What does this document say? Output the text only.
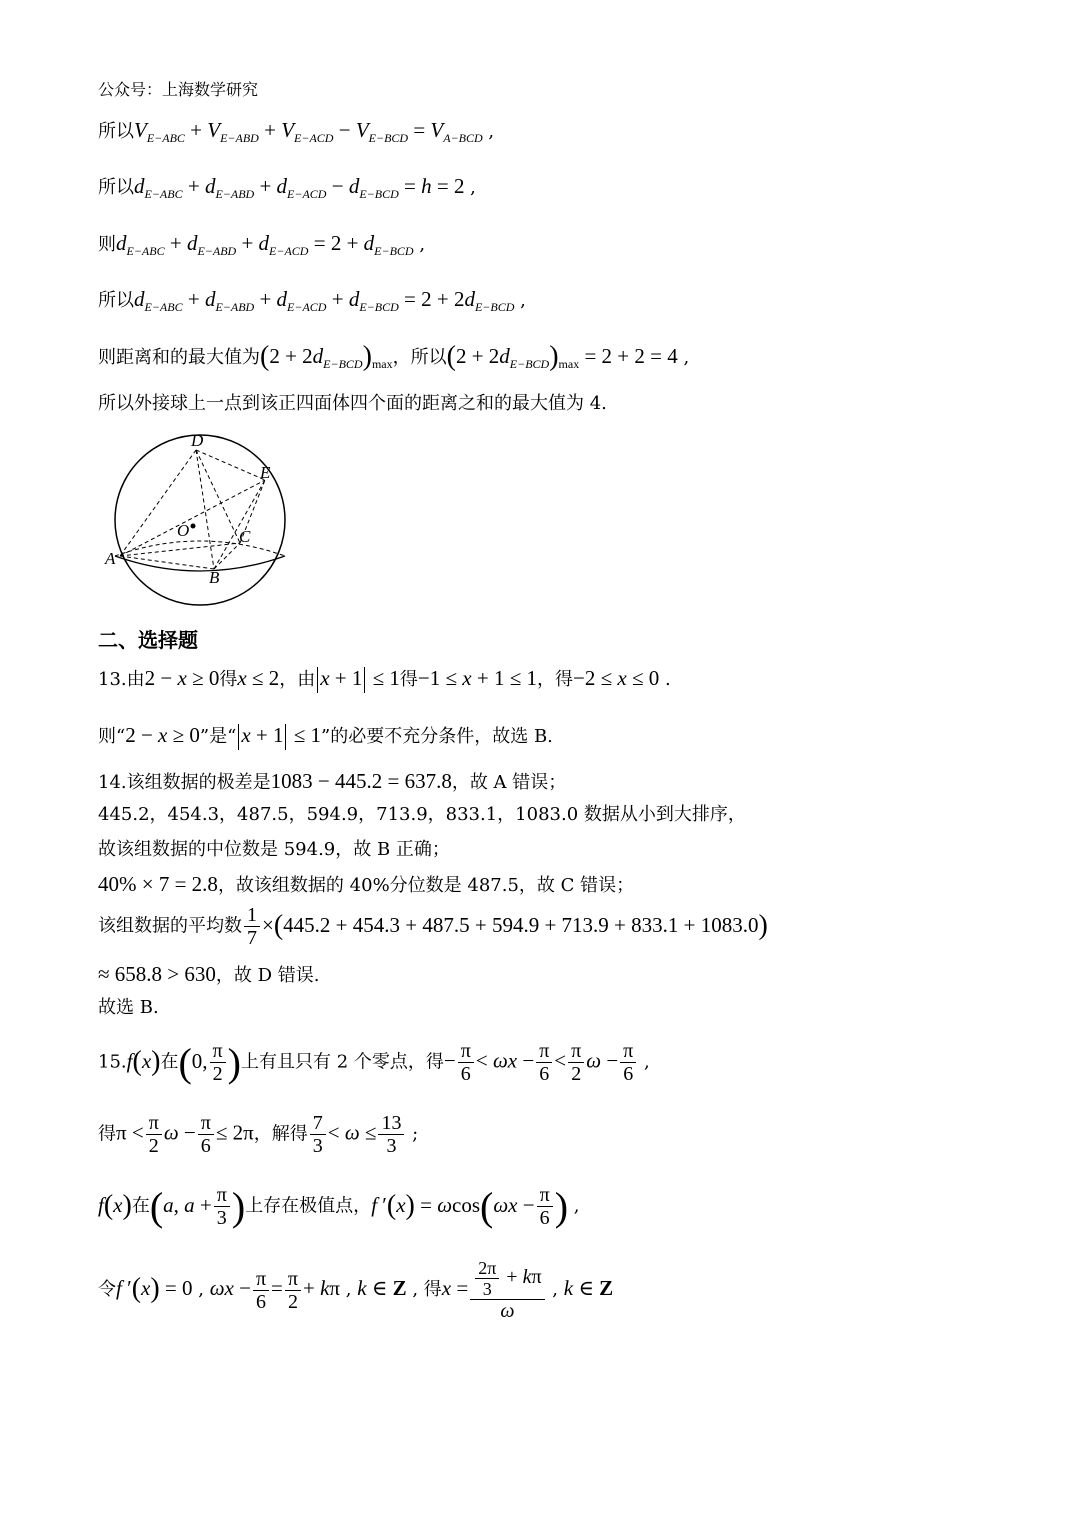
公众号：上海数学研究
所以$V_{E-ABC} + V_{E-ABD} + V_{E-ACD} - V_{E-BCD} = V_{A-BCD}$ ,
所以$d_{E-ABC} + d_{E-ABD} + d_{E-ACD} - d_{E-BCD} = h = 2$ ,
则$d_{E-ABC} + d_{E-ABD} + d_{E-ACD} = 2 + d_{E-BCD}$ ,
所以$d_{E-ABC} + d_{E-ABD} + d_{E-ACD} + d_{E-BCD} = 2 + 2d_{E-BCD}$ ,
则距离和的最大值为$(2 + 2d_{E-BCD})_{max}$，所以$(2 + 2d_{E-BCD})_{max} = 2 + 2 = 4$ ,
所以外接球上一点到该正四面体四个面的距离之和的最大值为 4.
D
E
O	C
A
B
二、选择题
13.由2 − x ≥ 0得x ≤ 2，由 x + 1 ≤ 1得−1 ≤ x + 1 ≤ 1，得−2 ≤ x ≤ 0 .
则“2 − x ≥ 0”是“ x + 1 ≤ 1”的必要不充分条件，故选 B.
14.该组数据的极差是1083 − 445.2 = 637.8，故 A 错误；
445.2，454.3，487.5，594.9，713.9，833.1，1083.0 数据从小到大排序，
故该组数据的中位数是 594.9，故 B 正确；
40% × 7 = 2.8，故该组数据的 40%分位数是 487.5，故 C 错误；
该组数据的平均数 $\frac{1}{7} \times(445.2 + 454.3 + 487.5 + 594.9 + 713.9 + 833.1 + 1083.0)$
≈ 658.8 > 630，故 D 错误.
故选 B.
15.f(x)在(0, $\frac{\pi}{2}$ )上有且只有 2 个零点，得− $\frac{\pi}{6} < \omega x - \frac{\pi}{6} < \frac{\pi}{2}$ $\omega - \frac{\pi}{6}$ ,
得$\pi < \frac{\pi}{2}$ $\omega - \frac{\pi}{6} \le 2\pi$，解得 $\frac{7}{3} < \omega \le \frac{13}{3}$ ;
f(x)在(a, $a + \frac{\pi}{3}$ )上存在极值点，f $'(x) = \omega\cos(\omega x - \frac{\pi}{6}$ ) ,
令f ′(x) = 0 , $\omega x - \frac{\pi}{6} = \frac{\pi}{2} + k\pi$ , k ∈ Z , 得$x = \frac{\frac{2\pi}{3} + k\pi}{\omega}$ , k ∈ Z
